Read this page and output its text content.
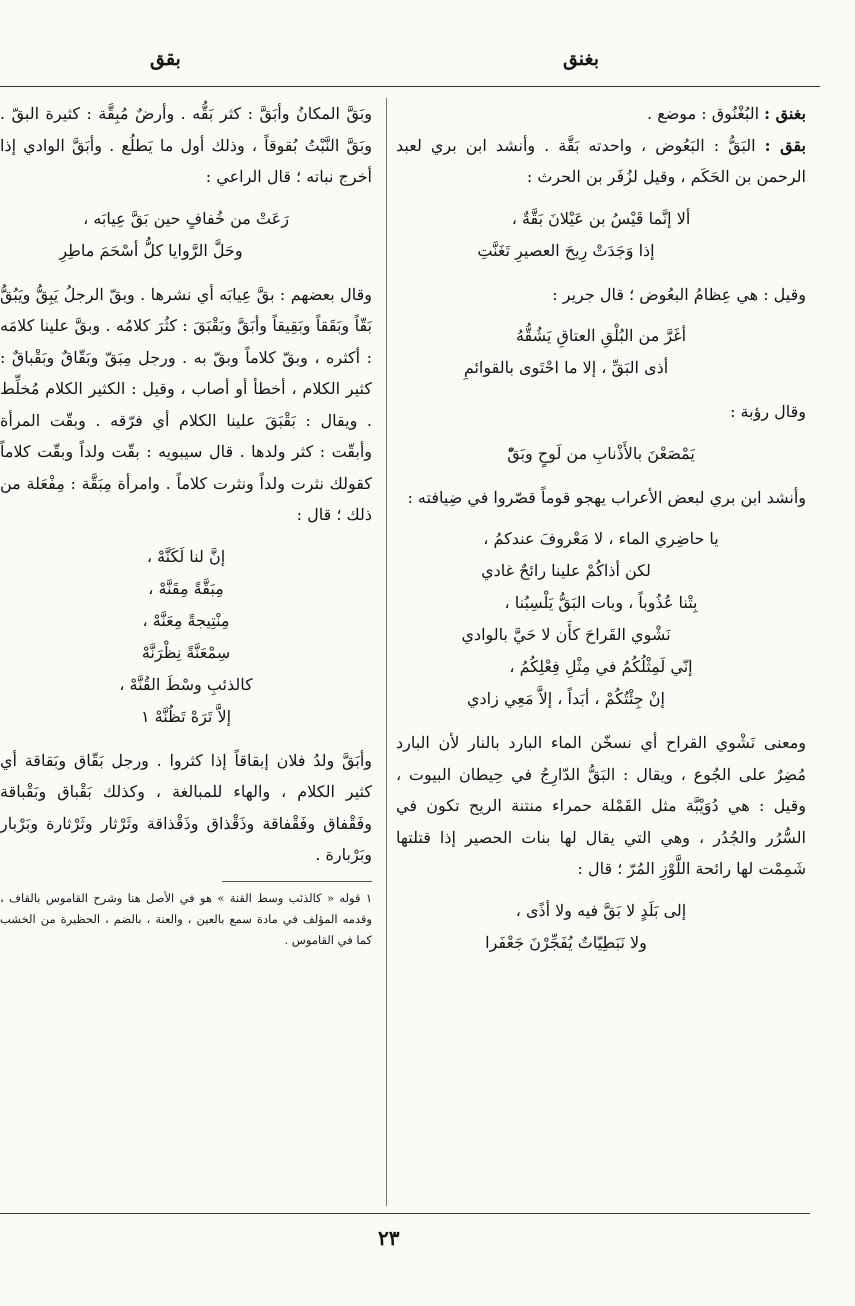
بغنق
بقق

بغنق : البُغْنُوق : موضع .

بقق : البَقُّ : البَعُوض ، واحدته بَقَّة . وأنشد ابن بري لعبد الرحمن بن الحَكَم ، وقيل لزُفَر بن الحرث :

ألا إنَّما قَيْسُ بن عَيْلانَ بَقَّةٌ ،
إذا وَجَدَتْ رِيحَ العصيرِ تَغَنَّتِ

وقيل : هي عِظامُ البعُوض ؛ قال جرير :

أغَرَّ من البُلْقِ العتاقِ يَشُقُّهُ
أذى البَقِّ ، إلا ما احْتَوى بالقوائمِ

وقال رؤبة :

يَمْصَعْنَ بالأَذْنابِ من لَوحٍ وبَقّْ

وأنشد ابن بري لبعض الأعراب يهجو قوماً قصّروا في ضِيافته :

يا حاضِري الماء ، لا مَعْروفَ عندكمُ ،
لكن أذاكُمْ علينا رائحٌ غادي
بِتْنا عُذُوباً ، وبات البَقُّ يَلْسِبُنا ،
نَشْوي القَراحَ كأَن لا حَيَّ بالوادي
إنّي لَمِثْلُكُمُ في مِثْلِ فِعْلِكُمُ ،
إنْ جِئْتُكُمْ ، أبَداً ، إلاَّ مَعِي زادي

ومعنى نَشْوي القراح أي نسخّن الماء البارد بالنار لأن البارد مُضِرٌ على الجُوع ، ويقال : البَقُّ الدّارِجُ في حِيطان البيوت ، وقيل : هي دُوَيْبَّة مثل القَمْلة حمراء منتنة الريح تكون في السُّرُر والجُدُر ، وهي التي يقال لها بنات الحصير إذا قتلتها شَمِمْت لها رائحة اللَّوْزِ المُرّ ؛ قال :

إلى بَلَدٍ لا بَقَّ فيه ولا أذًى ،
ولا نَبَطِيّاتٌ يُفَجِّرْنَ جَعْفَرا

وبَقَّ المكانُ وأبَقَّ : كثر بَقُّه . وأرضٌ مُبِقَّة : كثيرة البقّ . وبَقَّ النَّبْتُ بُقوقاً ، وذلك أول ما يَطلُع . وأبَقَّ الوادي إذا أخرج نباته ؛ قال الراعي :

رَعَتْ من خُفافٍ حين بَقَّ عِيابَه ،
وحَلَّ الرَّوايا كلُّ أسْحَمَ ماطِرِ

وقال بعضهم : بقَّ عِيابَه أي نشرها . وبقّ الرجلُ يَبِقُّ ويَبُقُّ بَقّاً وبَقَقاً وبَقِيقاً وأبَقَّ وبَقْبَقَ : كثُرَ كلامُه . وبقَّ علينا كلامَه : أكثره ، وبقّ كلاماً وبقّ به . ورجل مِبَقّ وبَقّاقٌ وبَقْباقٌ : كثير الكلام ، أخطأ أو أصاب ، وقيل : الكثير الكلام مُخلِّط . ويقال : بَقْبَقَ علينا الكلام أي فرّقه . وبقّت المرأة وأبقّت : كثر ولدها . قال سيبويه : بقّت ولداً وبقّت كلاماً كقولك نثرت ولداً ونثرت كلاماً . وامرأة مِبَقَّة : مِفْعَلة من ذلك ؛ قال :

إنَّ لنا لَكَنَّهْ ،
مِبَقَّةً مِقَنَّهْ ،
مِنْتِيجةً مِعَنَّهْ ،
سِمْعَنَّةً نِظْرَنَّهْ
كالذئبِ وسْطَ القُنَّهْ ،
إلاَّ تَرَهْ تَظُنَّهْ ١

وأبَقَّ ولدُ فلان إبقاقاً إذا كثروا . ورجل بَقّاق وبَقاقة أي كثير الكلام ، والهاء للمبالغة ، وكذلك بَقْباق وبَقْباقة وفَقْفاق وفَقْفاقة وذَقْذاق وذَقْذاقة وثَرْثار وثَرْثارة وبَرْبار وبَرْبارة .

١ قوله « كالذئب وسط القنة » هو في الأصل هنا وشرح القاموس بالقاف ، وقدمه المؤلف في مادة سمع بالعين ، والعنة ، بالضم ، الحظيرة من الخشب كما في القاموس .

٢٣
